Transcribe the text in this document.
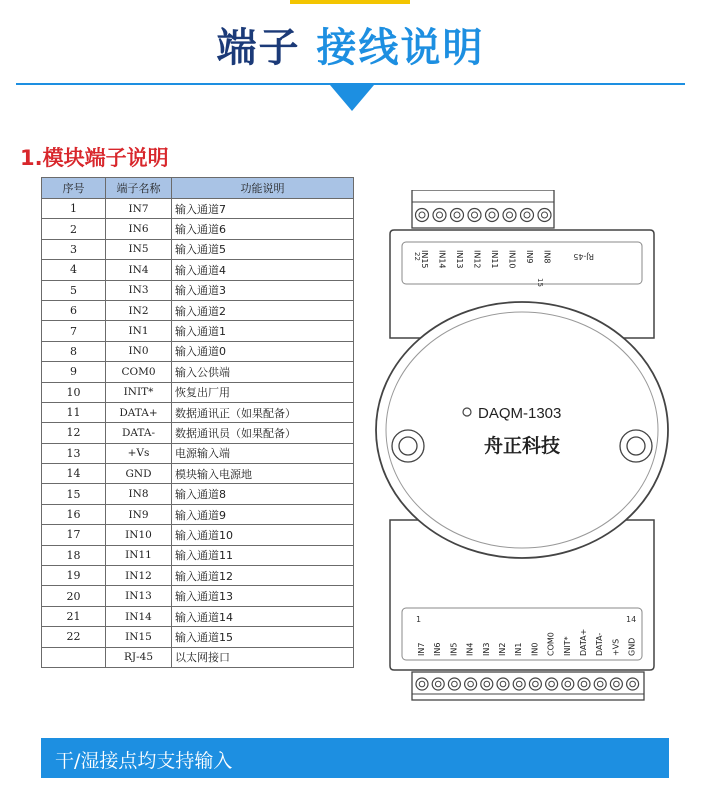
端子 接线说明
1.模块端子说明
序号	端子名称	功能说明
1	IN7	输入通道7
2	IN6	输入通道6
3	IN5	输入通道5
4	IN4	输入通道4
5	IN3	输入通道3
6	IN2	输入通道2
7	IN1	输入通道1
8	IN0	输入通道0
9	COM0	输入公供端
10	INIT*	恢复出厂用
11	DATA+	数据通讯正（如果配备）
12	DATA-	数据通讯员（如果配备）
13	+Vs	电源输入端
14	GND	模块输入电源地
15	IN8	输入通道8
16	IN9	输入通道9
17	IN10	输入通道10
18	IN11	输入通道11
19	IN12	输入通道12
20	IN13	输入通道13
21	IN14	输入通道14
22	IN15	输入通道15
	RJ-45	以太网接口
IN15 IN14 IN13 IN12 IN11 IN10 IN9 IN8
22
15
RJ-45
IN7 IN6 IN5 IN4 IN3 IN2 IN1 IN0 COM0 INIT* DATA+ DATA- +VS GND
1	14
DAQM-1303
舟正科技
干/湿接点均支持输入
